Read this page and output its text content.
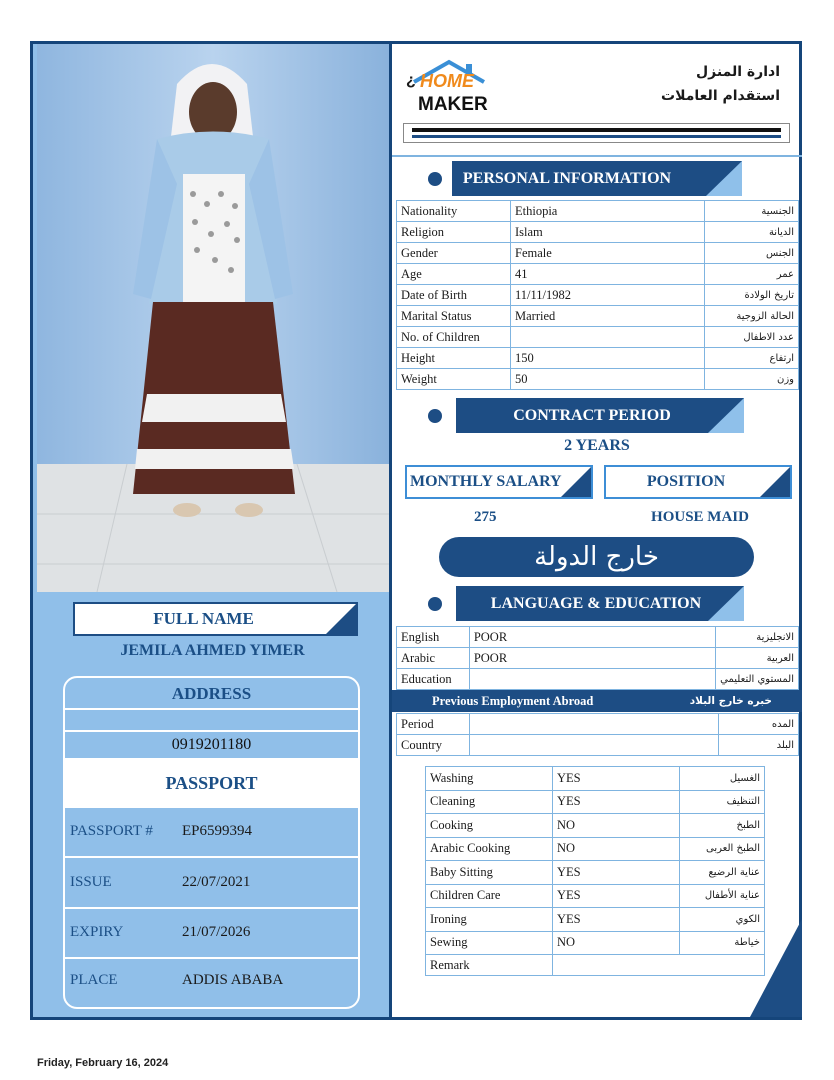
¿ HOME
MAKER
ادارة المنزل
استقدام العاملات
PERSONAL INFORMATION
Nationality	Ethiopia	الجنسية
Religion	Islam	الديانة
Gender	Female	الجنس
Age	41	عمر
Date of Birth	11/11/1982	تاريخ الولادة
Marital Status	Married	الحالة الزوجية
No. of Children		عدد الاطفال
Height	150	ارتفاع
Weight	50	وزن
CONTRACT PERIOD
2 YEARS
MONTHLY SALARY	POSITION
275	HOUSE MAID
خارج الدولة
LANGUAGE & EDUCATION
English	POOR	الانجليزية
Arabic	POOR	العربية
Education		المستوي التعليمي
Previous Employment Abroad	خبره خارج البلاد
Period		المده
Country		البلد
Washing	YES	الغسيل
Cleaning	YES	التنظيف
Cooking	NO	الطبخ
Arabic Cooking	NO	الطبخ العربى
Baby Sitting	YES	عناية الرضيع
Children Care	YES	عناية الأطفال
Ironing	YES	الكوي
Sewing	NO	خياطة
Remark		
FULL NAME
JEMILA AHMED YIMER
ADDRESS
0919201180
PASSPORT
PASSPORT # EP6599394
ISSUE	22/07/2021
EXPIRY	21/07/2026
PLACE	ADDIS ABABA
Friday, February 16, 2024
